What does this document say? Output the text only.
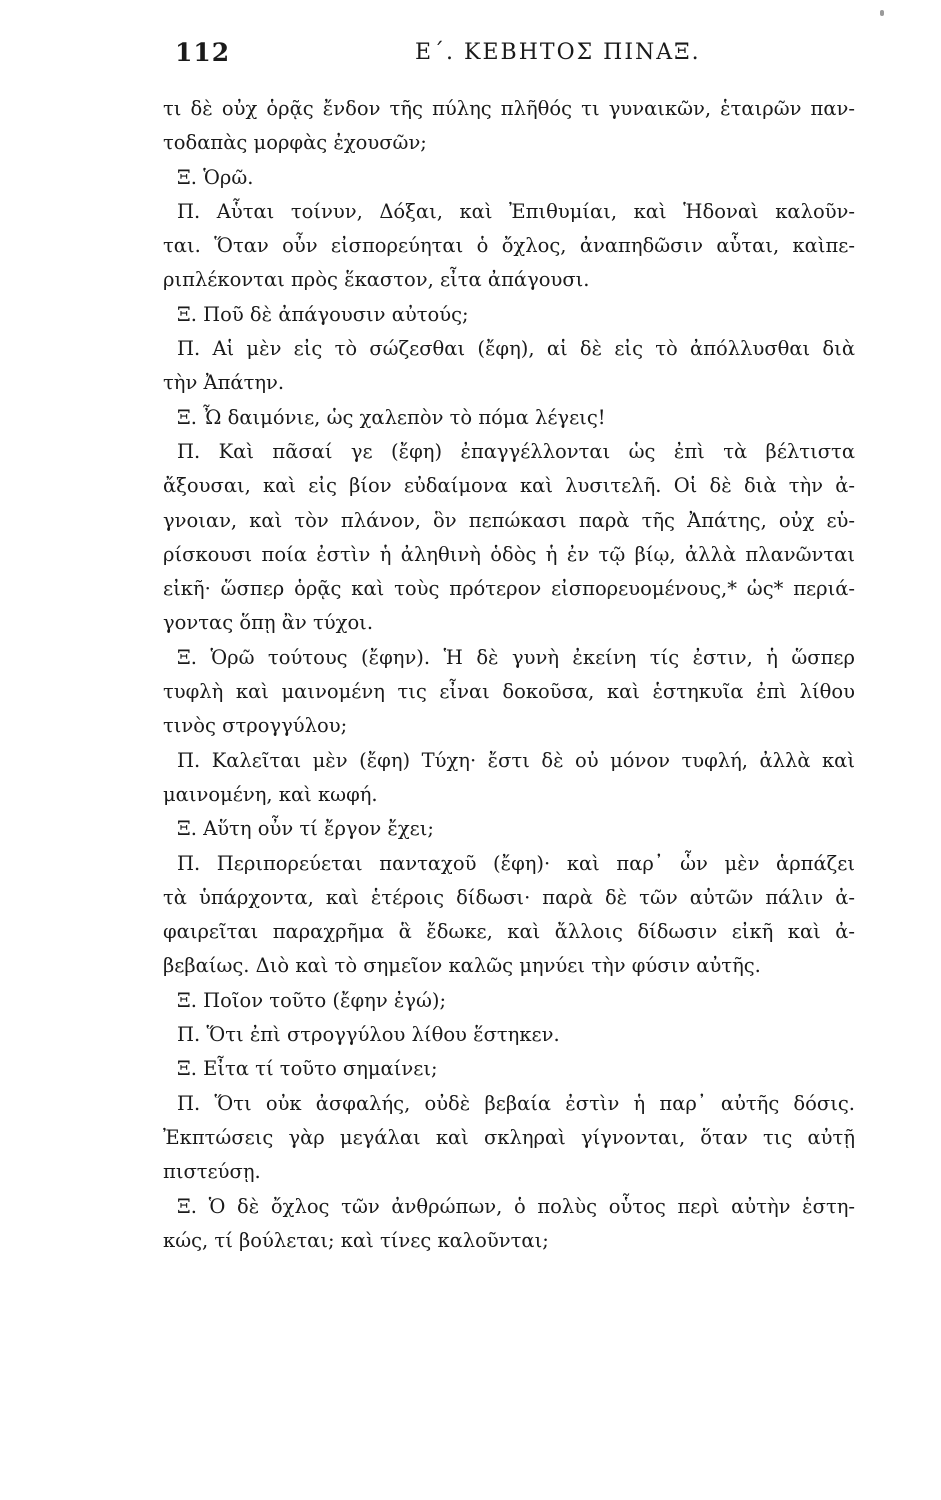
112	Ε΄. ΚΕΒΗΤΟΣ ΠΙΝΑΞ.
τι δὲ οὐχ ὁρᾷς ἔνδον τῆς πύλης πλῆθός τι γυναικῶν, ἑταιρῶν παν-
τοδαπὰς μορφὰς ἐχουσῶν;
Ξ. Ὁρῶ.
Π. Αὗται τοίνυν, Δόξαι, καὶ Ἐπιθυμίαι, καὶ Ἡδοναὶ καλοῦν-
ται. Ὅταν οὖν εἰσπορεύηται ὁ ὄχλος, ἀναπηδῶσιν αὗται, καὶπε-
ριπλέκονται πρὸς ἕκαστον, εἶτα ἀπάγουσι.
Ξ. Ποῦ δὲ ἀπάγουσιν αὐτούς;
Π. Αἱ μὲν εἰς τὸ σώζεσθαι (ἔφη), αἱ δὲ εἰς τὸ ἀπόλλυσθαι διὰ
τὴν Ἀπάτην.
Ξ. Ὦ δαιμόνιε, ὡς χαλεπὸν τὸ πόμα λέγεις!
Π. Καὶ πᾶσαί γε (ἔφη) ἐπαγγέλλονται ὡς ἐπὶ τὰ βέλτιστα
ἄξουσαι, καὶ εἰς βίον εὐδαίμονα καὶ λυσιτελῆ. Οἱ δὲ διὰ τὴν ἀ-
γνοιαν, καὶ τὸν πλάνον, ὃν πεπώκασι παρὰ τῆς Ἀπάτης, οὐχ εὑ-
ρίσκουσι ποία ἐστὶν ἡ ἀληθινὴ ὁδὸς ἡ ἐν τῷ βίῳ, ἀλλὰ πλανῶνται
εἰκῆ· ὥσπερ ὁρᾷς καὶ τοὺς πρότερον εἰσπορευομένους,* ὡς* περιά-
γοντας ὅπῃ ἂν τύχοι.
Ξ. Ὁρῶ τούτους (ἔφην). Ἡ δὲ γυνὴ ἐκείνη τίς ἐστιν, ἡ ὥσπερ
τυφλὴ καὶ μαινομένη τις εἶναι δοκοῦσα, καὶ ἑστηκυῖα ἐπὶ λίθου
τινὸς στρογγύλου;
Π. Καλεῖται μὲν (ἔφη) Τύχη· ἔστι δὲ οὐ μόνον τυφλή, ἀλλὰ καὶ
μαινομένη, καὶ κωφή.
Ξ. Αὕτη οὖν τί ἔργον ἔχει;
Π. Περιπορεύεται πανταχοῦ (ἔφη)· καὶ παρ᾽ ὧν μὲν ἁρπάζει
τὰ ὑπάρχοντα, καὶ ἑτέροις δίδωσι· παρὰ δὲ τῶν αὐτῶν πάλιν ἀ-
φαιρεῖται παραχρῆμα ἃ ἔδωκε, καὶ ἄλλοις δίδωσιν εἰκῆ καὶ ἀ-
βεβαίως. Διὸ καὶ τὸ σημεῖον καλῶς μηνύει τὴν φύσιν αὐτῆς.
Ξ. Ποῖον τοῦτο (ἔφην ἐγώ);
Π. Ὅτι ἐπὶ στρογγύλου λίθου ἕστηκεν.
Ξ. Εἶτα τί τοῦτο σημαίνει;
Π. Ὅτι οὐκ ἀσφαλής, οὐδὲ βεβαία ἐστὶν ἡ παρ᾽ αὐτῆς δόσις.
Ἐκπτώσεις γὰρ μεγάλαι καὶ σκληραὶ γίγνονται, ὅταν τις αὐτῇ
πιστεύσῃ.
Ξ. Ὁ δὲ ὄχλος τῶν ἀνθρώπων, ὁ πολὺς οὗτος περὶ αὐτὴν ἑστη-
κώς, τί βούλεται; καὶ τίνες καλοῦνται;
